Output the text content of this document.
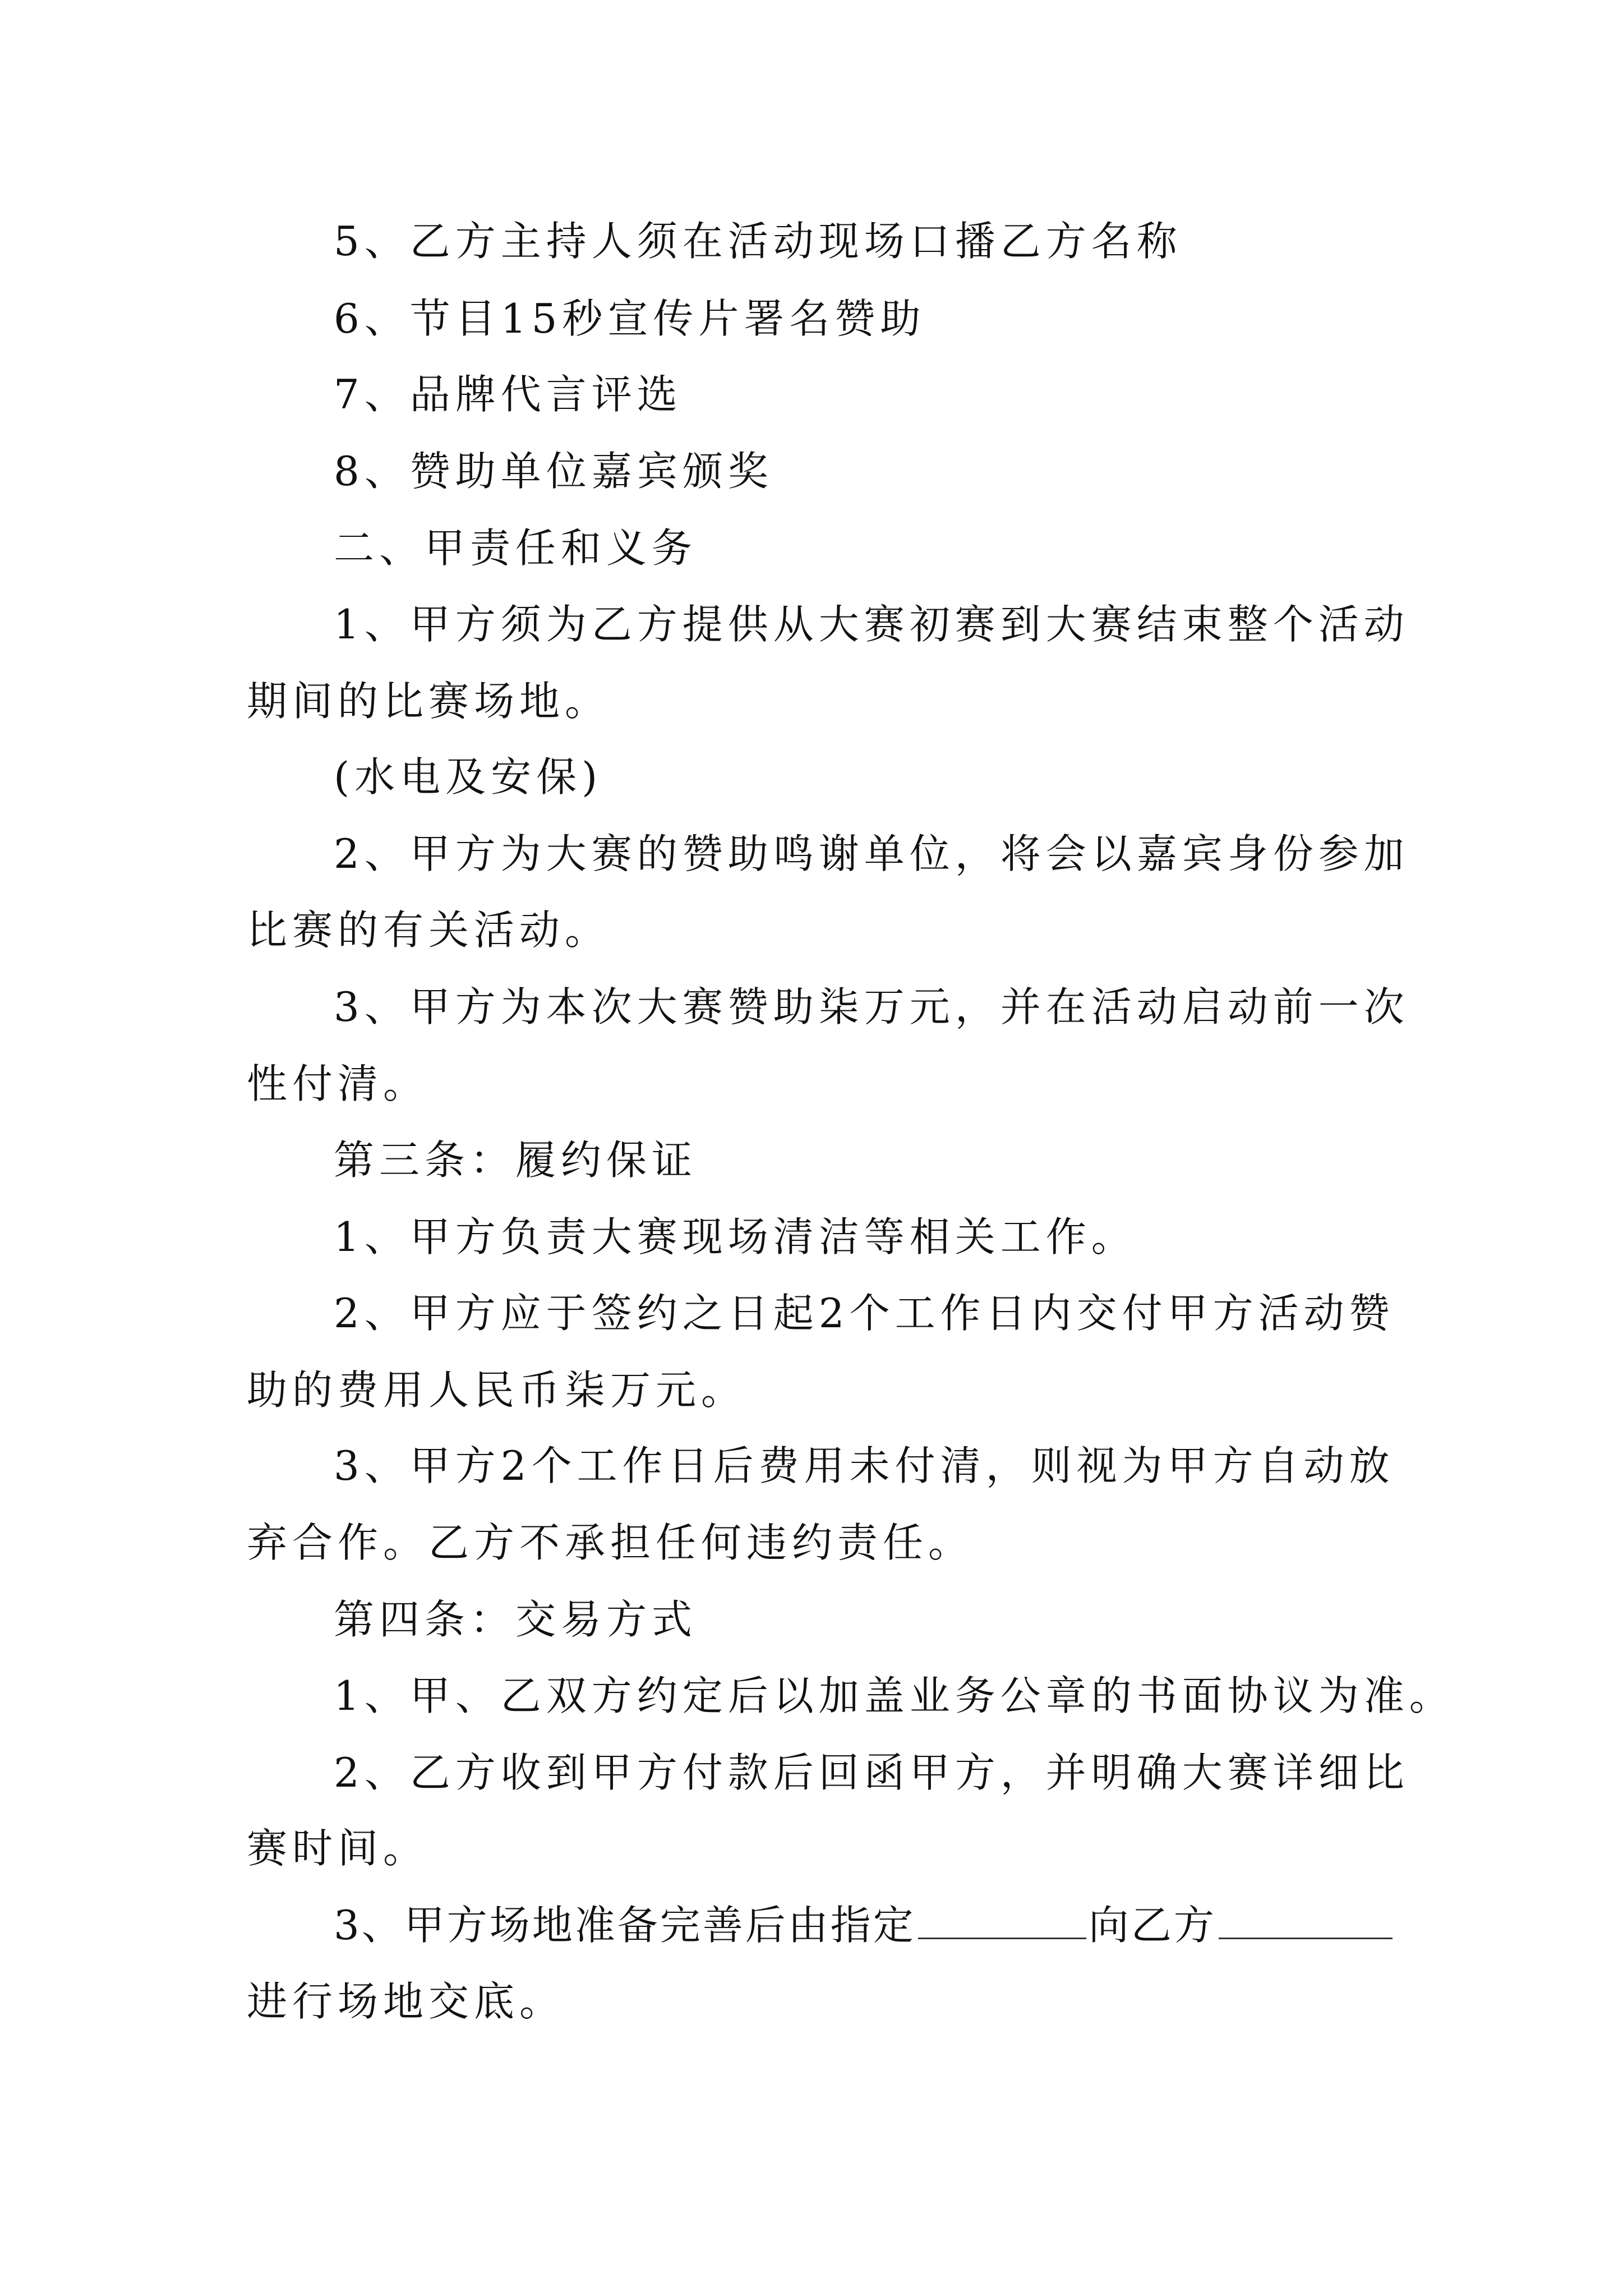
5、乙方主持人须在活动现场口播乙方名称
6、节目15秒宣传片署名赞助
7、品牌代言评选
8、赞助单位嘉宾颁奖
二、甲责任和义务
1、甲方须为乙方提供从大赛初赛到大赛结束整个活动
期间的比赛场地。
(水电及安保)
2、甲方为大赛的赞助鸣谢单位，将会以嘉宾身份参加
比赛的有关活动。
3、甲方为本次大赛赞助柒万元，并在活动启动前一次
性付清。
第三条：履约保证
1、甲方负责大赛现场清洁等相关工作。
2、甲方应于签约之日起2个工作日内交付甲方活动赞
助的费用人民币柒万元。
3、甲方2个工作日后费用未付清，则视为甲方自动放
弃合作。乙方不承担任何违约责任。
第四条：交易方式
1、甲、乙双方约定后以加盖业务公章的书面协议为准。
2、乙方收到甲方付款后回函甲方，并明确大赛详细比
赛时间。
3、甲方场地准备完善后由指定	向乙方
进行场地交底。
